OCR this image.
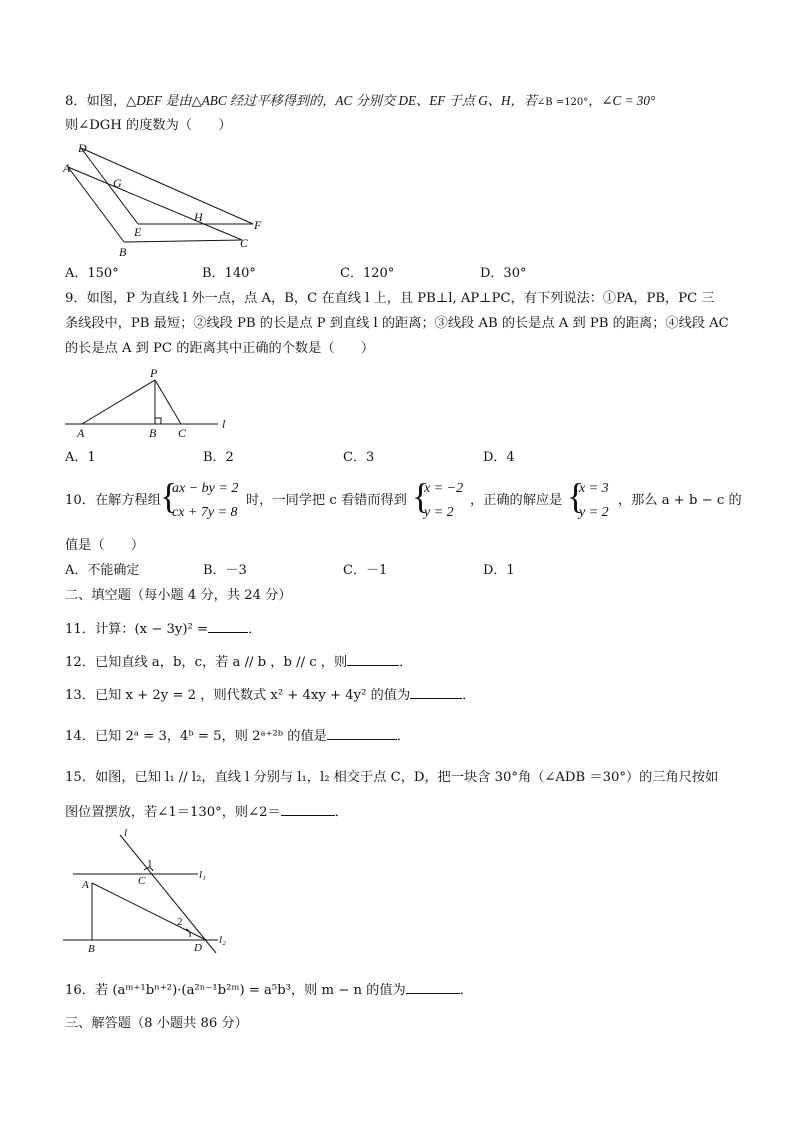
8．如图，△DEF 是由△ABC 经过平移得到的，AC 分别交 DE、EF 于点 G、H，若∠B =120°，∠C = 30°
则∠DGH 的度数为（　　）
D
A
G
H
F
E
C
B
A．150°	B．140°	C．120°	D．30°
9．如图，P 为直线 l 外一点，点 A，B，C 在直线 l 上，且 PB⊥l, AP⊥PC，有下列说法：①PA，PB，PC 三
条线段中，PB 最短；②线段 PB 的长是点 P 到直线 l 的距离；③线段 AB 的长是点 A 到 PB 的距离；④线段 AC
的长是点 A 到 PC 的距离其中正确的个数是（　　）
P
A	B C
l
A．1	B．2	C．3	D．4
10．在解方程组 {
ax − by = 2
cx + 7y = 8
时，一同学把 c 看错而得到 {
x = −2
y = 2
，正确的解应是 {
x = 3
y = 2
，那么 a + b − c 的
值是（　　）
A．不能确定	B．－3	C．－1	D．1
二、填空题（每小题 4 分，共 24 分）
11．计算：(x − 3y)² =	．
12．已知直线 a，b，c，若 a // b ，b // c ，则	．
13．已知 x + 2y = 2 ，则代数式 x² + 4xy + 4y² 的值为	．
14．已知 2ᵃ = 3，4ᵇ = 5，则 2ᵃ⁺²ᵇ 的值是	．
15．如图，已知 l₁ // l₂，直线 l 分别与 l₁，l₂ 相交于点 C，D，把一块含 30°角（∠ADB ＝30°）的三角尺按如
图位置摆放，若∠1＝130°，则∠2＝	．
l
1
C	l₁
A
2
B	D
l₂
16．若 (aᵐ⁺¹bⁿ⁺²)·(a²ⁿ⁻¹b²ᵐ) = a⁵b³，则 m − n 的值为	．
三、解答题（8 小题共 86 分）
